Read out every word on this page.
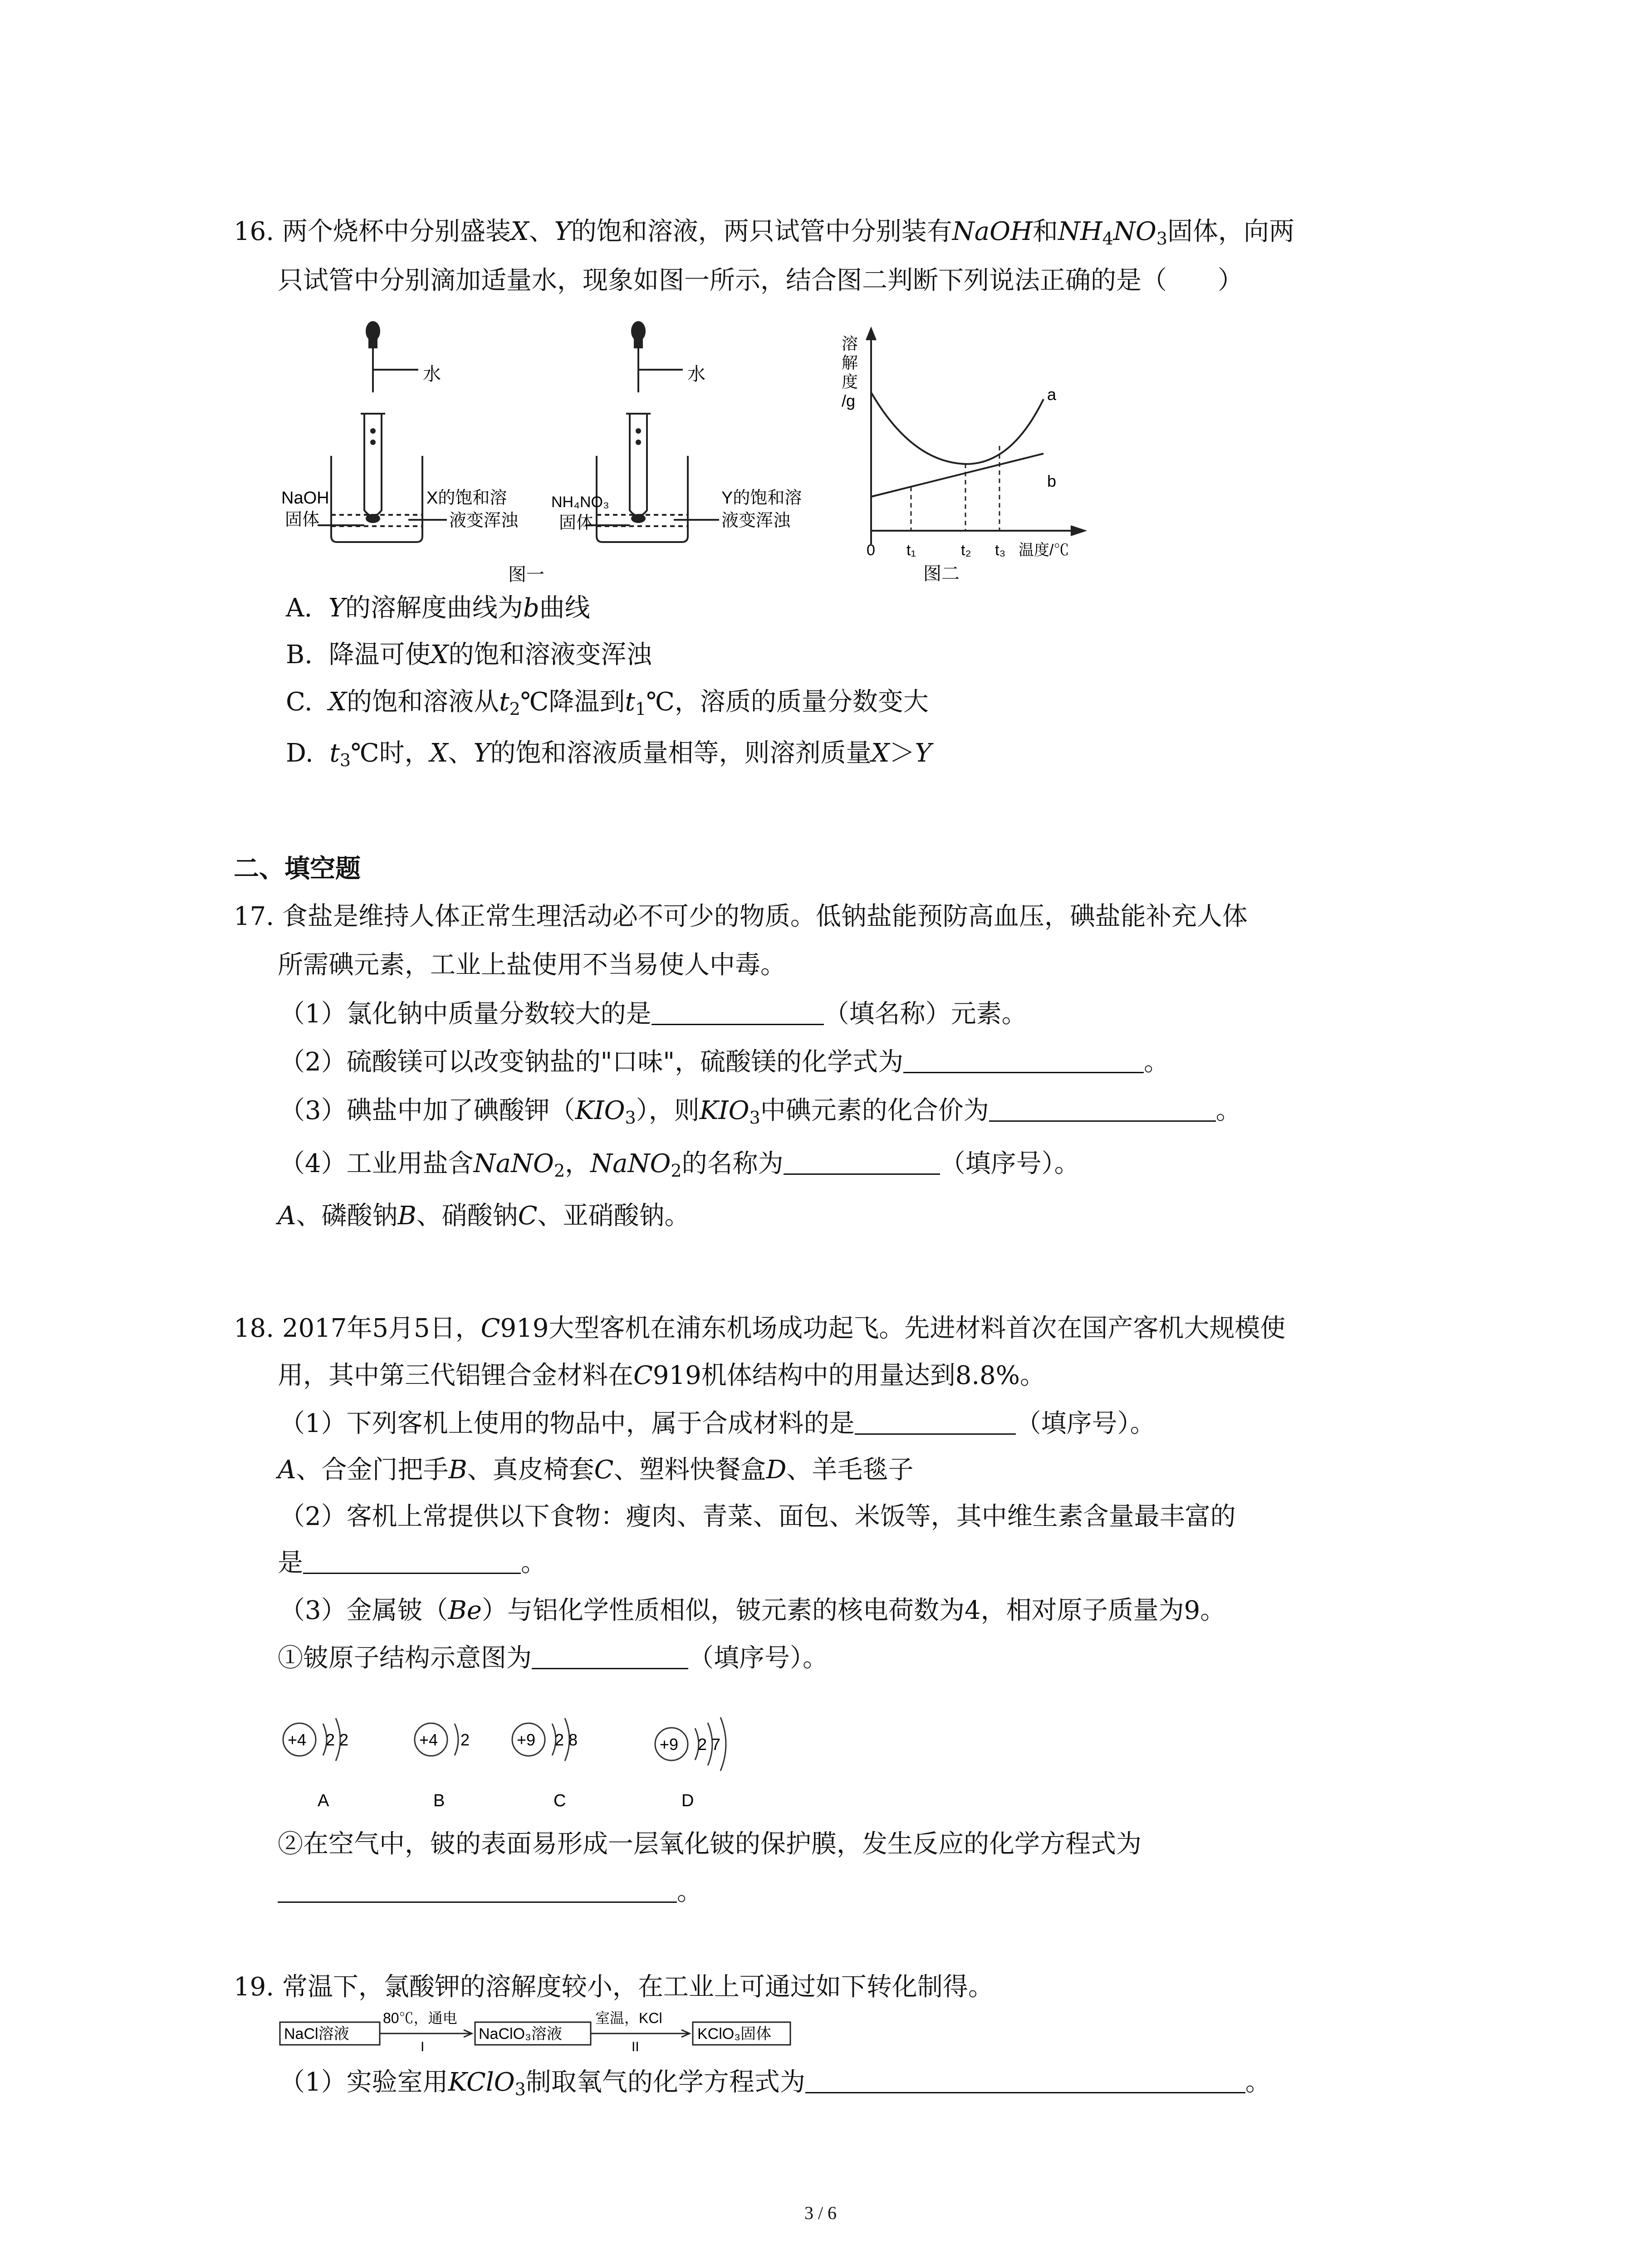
16. 两个烧杯中分别盛装X、Y的饱和溶液，两只试管中分别装有NaOH和$NH_4NO_3$固体，向两
只试管中分别滴加适量水，现象如图一所示，结合图二判断下列说法正确的是（　　）
水	水
NaOH
固体
NH₄NO₃
固体
X的饱和溶
液变浑浊
Y的饱和溶
液变浑浊
图一
溶
解
度
/g	a
b
0 t₁	t₂ t₃ 温度/℃
图二
A. Y的溶解度曲线为b曲线
B. 降温可使X的饱和溶液变浑浊
C. X的饱和溶液从$t_2℃$降温到$t_1℃$，溶质的质量分数变大
D. $t_3℃$时，X、Y的饱和溶液质量相等，则溶剂质量X＞Y
二、填空题
17. 食盐是维持人体正常生理活动必不可少的物质。低钠盐能预防高血压，碘盐能补充人体
所需碘元素，工业上盐使用不当易使人中毒。
（1）氯化钠中质量分数较大的是	（填名称）元素。
（2）硫酸镁可以改变钠盐的"口味"，硫酸镁的化学式为	。
（3）碘盐中加了碘酸钾$(KIO_3)$，则$KIO_3$中碘元素的化合价为	。
（4）工业用盐含NaNO$_2$，NaNO$_2$的名称为	（填序号）。
A、磷酸钠B、硝酸钠C、亚硝酸钠。
18. 2017年5月5日，C919大型客机在浦东机场成功起飞。先进材料首次在国产客机大规模使
用，其中第三代铝锂合金材料在C919机体结构中的用量达到8.8%。
（1）下列客机上使用的物品中，属于合成材料的是	（填序号）。
A、合金门把手B、真皮椅套C、塑料快餐盒D、羊毛毯子
（2）客机上常提供以下食物：瘦肉、青菜、面包、米饭等，其中维生素含量最丰富的
是	。
（3）金属铍（Be）与铝化学性质相似，铍元素的核电荷数为4，相对原子质量为9。
①铍原子结构示意图为	（填序号）。
+4 2 2	+4 2	+9 2 8	+9 2 7
A	B	C	D
②在空气中，铍的表面易形成一层氧化铍的保护膜，发生反应的化学方程式为
。
19. 常温下，氯酸钾的溶解度较小，在工业上可通过如下转化制得。
NaCl溶液
80℃，通电
I
NaClO₃溶液
室温，KCl
II
KClO₃固体
（1）实验室用KClO$_3$制取氧气的化学方程式为	。
3 / 6
